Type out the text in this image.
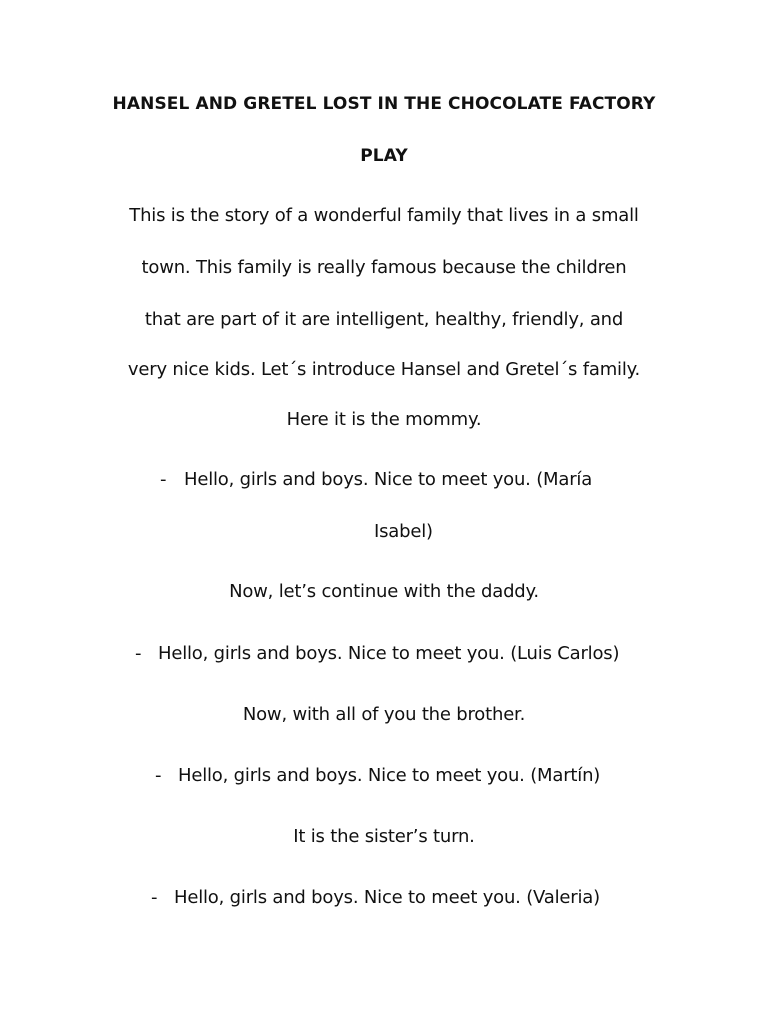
HANSEL AND GRETEL LOST IN THE CHOCOLATE FACTORY
PLAY
This is the story of a wonderful family that lives in a small
town. This family is really famous because the children
that are part of it are intelligent, healthy, friendly, and
very nice kids. Let´s introduce Hansel and Gretel´s family.
Here it is the mommy.
- Hello, girls and boys. Nice to meet you. (María
Isabel)
Now, let’s continue with the daddy.
- Hello, girls and boys. Nice to meet you. (Luis Carlos)
Now, with all of you the brother.
- Hello, girls and boys. Nice to meet you. (Martín)
It is the sister’s turn.
- Hello, girls and boys. Nice to meet you. (Valeria)
